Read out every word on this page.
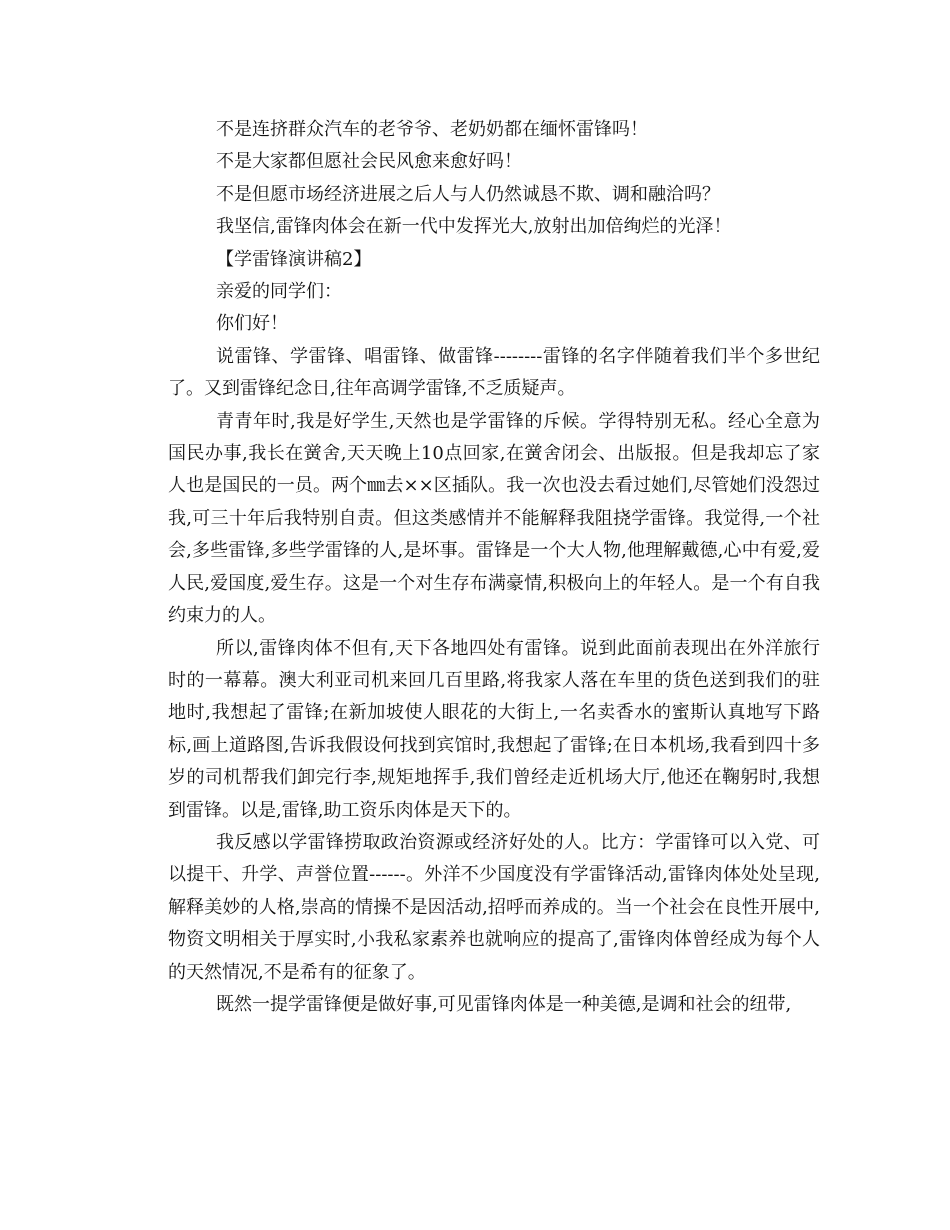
不是连挤群众汽车的老爷爷、老奶奶都在缅怀雷锋吗！

不是大家都但愿社会民风愈来愈好吗！

不是但愿市场经济进展之后人与人仍然诚恳不欺、调和融洽吗？

我坚信,雷锋肉体会在新一代中发挥光大,放射出加倍绚烂的光泽！

【学雷锋演讲稿2】

亲爱的同学们：

你们好！

说雷锋、学雷锋、唱雷锋、做雷锋--------雷锋的名字伴随着我们半个多世纪了。又到雷锋纪念日,往年高调学雷锋,不乏质疑声。

青青年时,我是好学生,天然也是学雷锋的斥候。学得特别无私。经心全意为国民办事,我长在黉舍,天天晚上10点回家,在黉舍闭会、出版报。但是我却忘了家人也是国民的一员。两个㎜去××区插队。我一次也没去看过她们,尽管她们没怨过我,可三十年后我特别自责。但这类感情并不能解释我阻挠学雷锋。我觉得,一个社会,多些雷锋,多些学雷锋的人,是坏事。雷锋是一个大人物,他理解戴德,心中有爱,爱人民,爱国度,爱生存。这是一个对生存布满豪情,积极向上的年轻人。是一个有自我约束力的人。

所以,雷锋肉体不但有,天下各地四处有雷锋。说到此面前表现出在外洋旅行时的一幕幕。澳大利亚司机来回几百里路,将我家人落在车里的货色送到我们的驻地时,我想起了雷锋;在新加坡使人眼花的大街上,一名卖香水的蜜斯认真地写下路标,画上道路图,告诉我假设何找到宾馆时,我想起了雷锋;在日本机场,我看到四十多岁的司机帮我们卸完行李,规矩地挥手,我们曾经走近机场大厅,他还在鞠躬时,我想到雷锋。以是,雷锋,助工资乐肉体是天下的。

我反感以学雷锋捞取政治资源或经济好处的人。比方：学雷锋可以入党、可以提干、升学、声誉位置------。外洋不少国度没有学雷锋活动,雷锋肉体处处呈现,解释美妙的人格,崇高的情操不是因活动,招呼而养成的。当一个社会在良性开展中,物资文明相关于厚实时,小我私家素养也就响应的提高了,雷锋肉体曾经成为每个人的天然情况,不是希有的征象了。

既然一提学雷锋便是做好事,可见雷锋肉体是一种美德,是调和社会的纽带,
